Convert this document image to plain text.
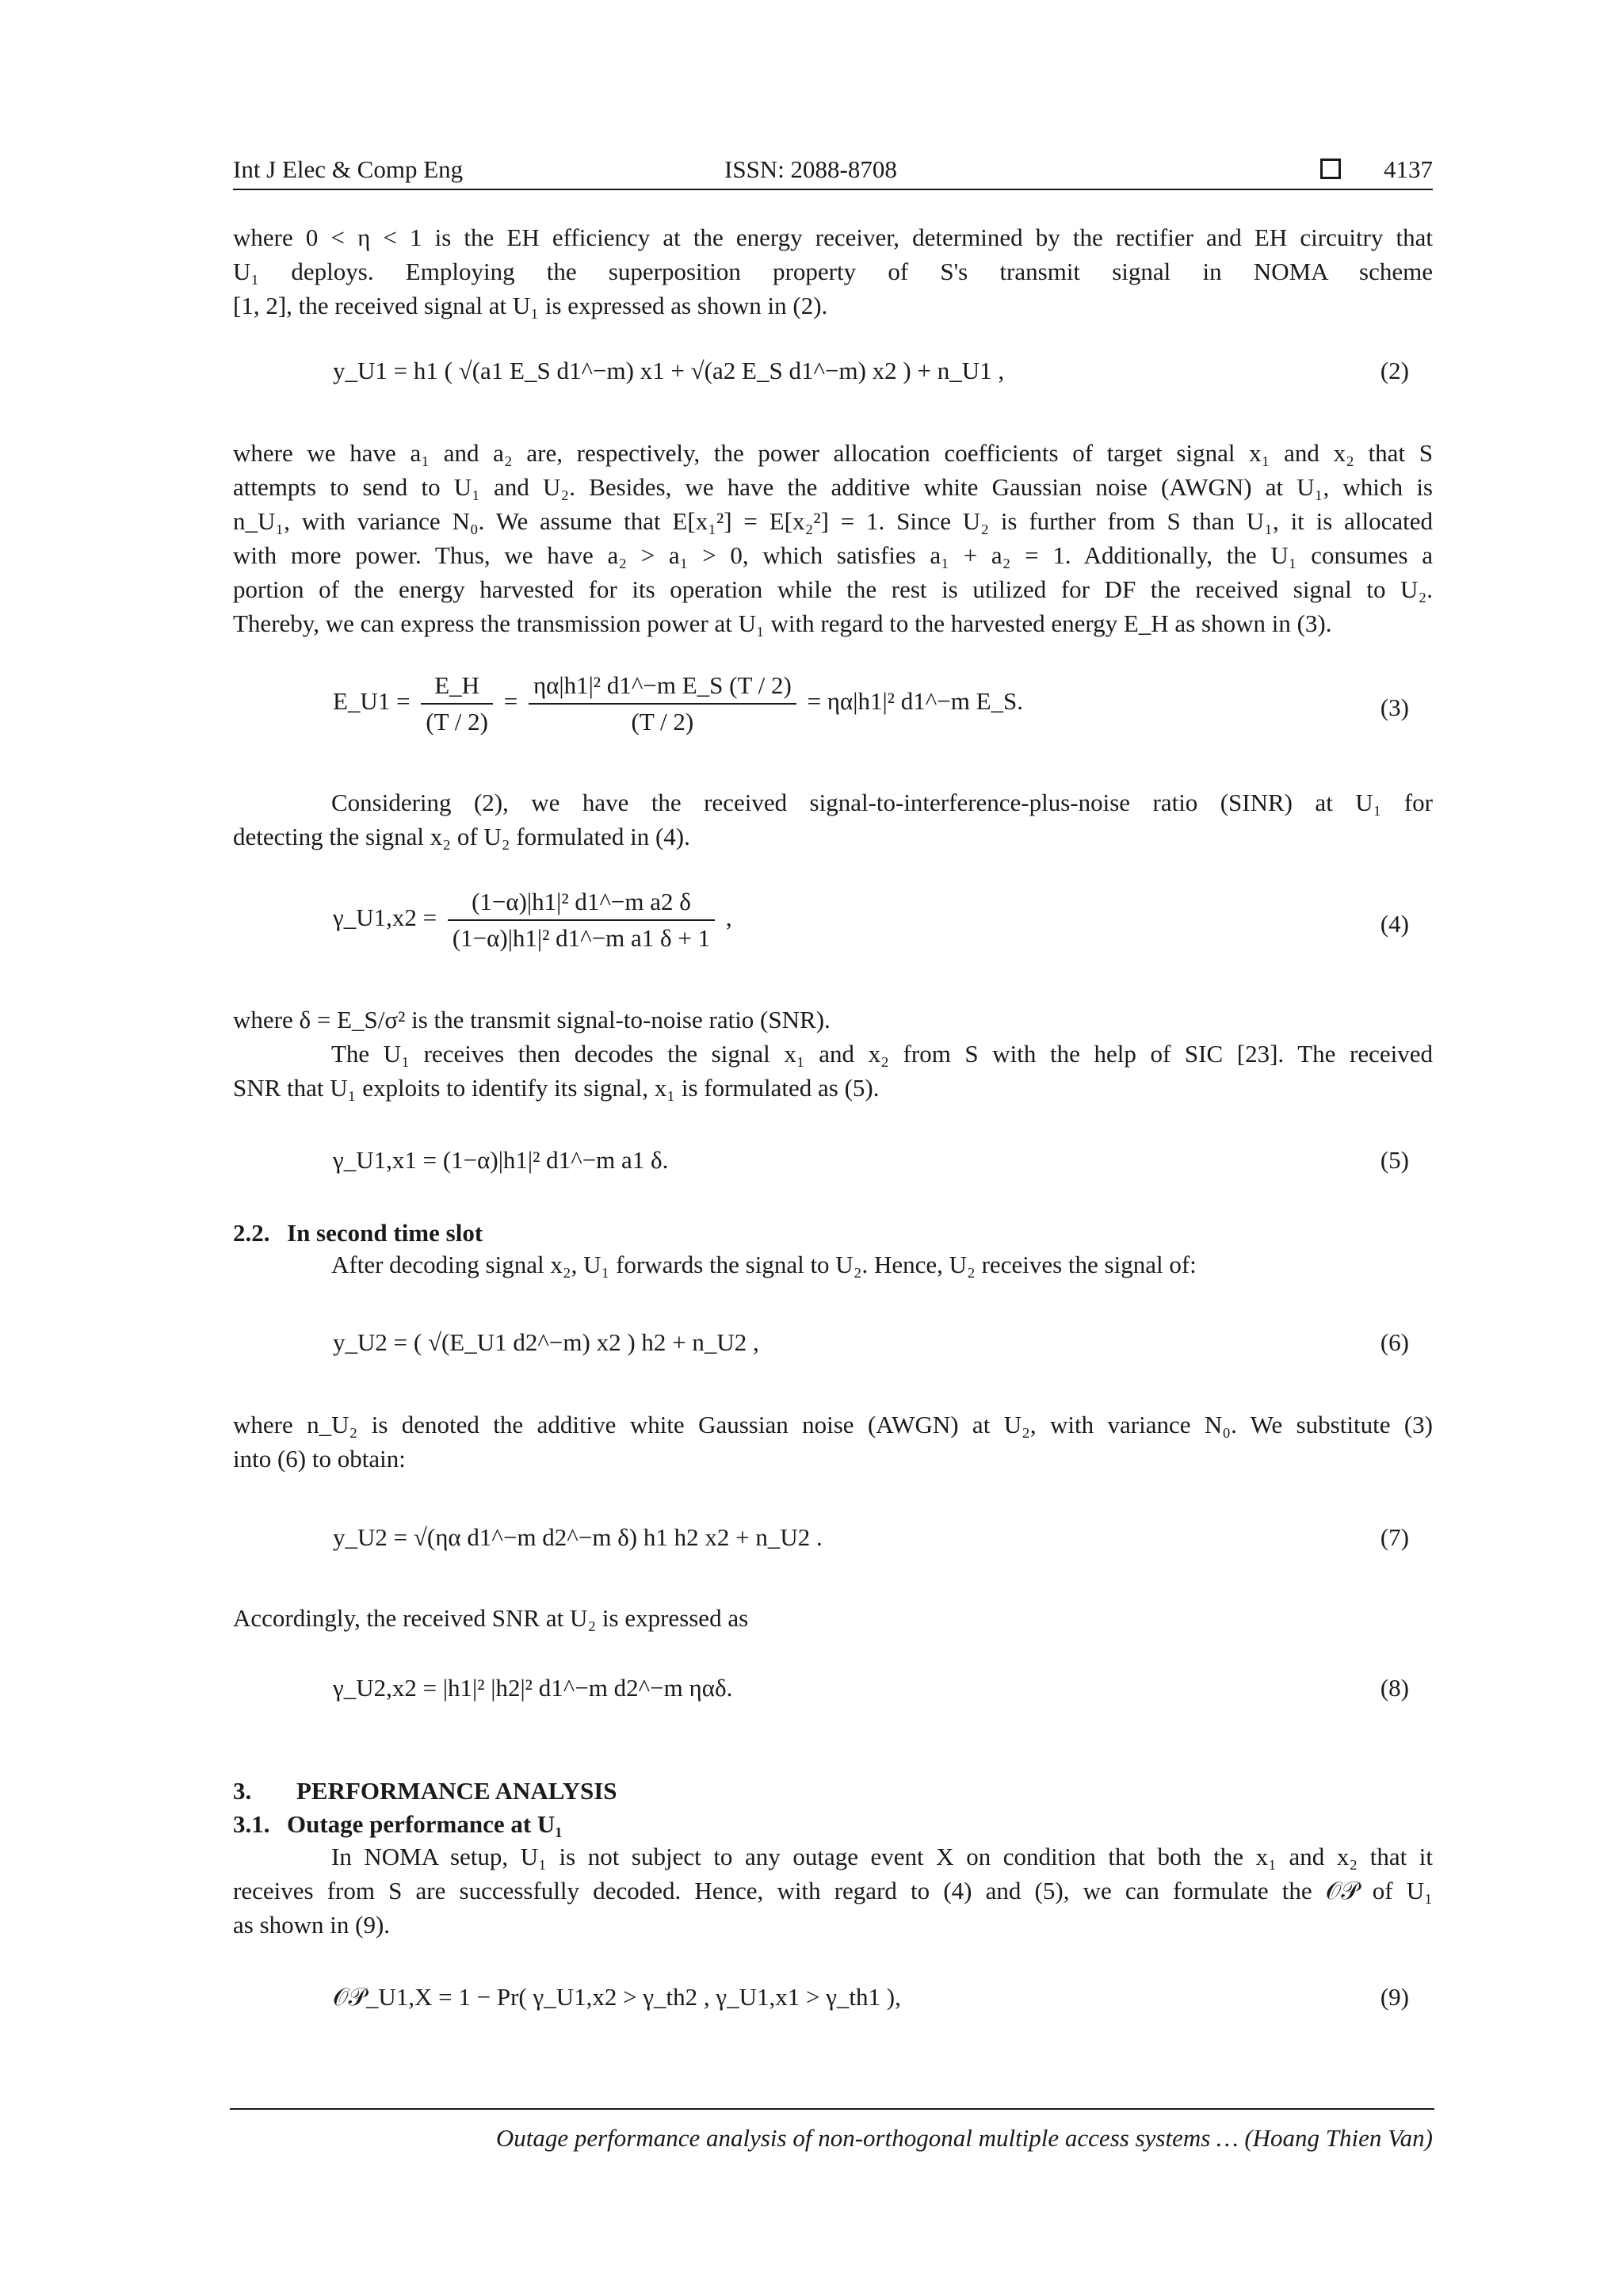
Int J Elec & Comp Eng	ISSN: 2088-8708	4137
where 0 < η < 1 is the EH efficiency at the energy receiver, determined by the rectifier and EH circuitry that
U₁ deploys. Employing the superposition property of S's transmit signal in NOMA scheme
[1, 2], the received signal at U₁ is expressed as shown in (2).
y_U1 = h1 ( √(a1 E_S d1^−m) x1 + √(a2 E_S d1^−m) x2 ) + n_U1 ,	(2)
where we have a₁ and a₂ are, respectively, the power allocation coefficients of target signal x₁ and x₂ that S
attempts to send to U₁ and U₂. Besides, we have the additive white Gaussian noise (AWGN) at U₁, which is
n_U₁, with variance N₀. We assume that E[x₁²] = E[x₂²] = 1. Since U₂ is further from S than U₁, it is allocated
with more power. Thus, we have a₂ > a₁ > 0, which satisfies a₁ + a₂ = 1. Additionally, the U₁ consumes a
portion of the energy harvested for its operation while the rest is utilized for DF the received signal to U₂.
Thereby, we can express the transmission power at U₁ with regard to the harvested energy E_H as shown in (3).
E_U1 = $\frac{E\_H}{(T / 2)} = \frac{\text{ηα|h1|² d1\textasciicircum{}−m E\_S (T / 2)}}{(T / 2)} = \eta\alpha|h1|^2$ d1^−m E_S.	(3)
Considering (2), we have the received signal-to-interference-plus-noise ratio (SINR) at U₁ for
detecting the signal x₂ of U₂ formulated in (4).
γ_U1,x2 = $\frac{\text{(1−α)|h1|² d1\textasciicircum{}−m a2 δ}}{\text{(1−α)|h1|² d1\textasciicircum{}−m a1 δ + 1}}$ ,	(4)
where δ = E_S/σ² is the transmit signal-to-noise ratio (SNR).
The U₁ receives then decodes the signal x₁ and x₂ from S with the help of SIC [23]. The received
SNR that U₁ exploits to identify its signal, x₁ is formulated as (5).
γ_U1,x1 = (1−α)|h1|² d1^−m a1 δ.	(5)
2.2. In second time slot
After decoding signal x₂, U₁ forwards the signal to U₂. Hence, U₂ receives the signal of:
y_U2 = ( √(E_U1 d2^−m) x2 ) h2 + n_U2 ,	(6)
where n_U₂ is denoted the additive white Gaussian noise (AWGN) at U₂, with variance N₀. We substitute (3)
into (6) to obtain:
y_U2 = √(ηα d1^−m d2^−m δ) h1 h2 x2 + n_U2 .	(7)
Accordingly, the received SNR at U₂ is expressed as
γ_U2,x2 = |h1|² |h2|² d1^−m d2^−m ηαδ.	(8)
3. PERFORMANCE ANALYSIS
3.1. Outage performance at U₁
In NOMA setup, U₁ is not subject to any outage event X on condition that both the x₁ and x₂ that it
receives from S are successfully decoded. Hence, with regard to (4) and (5), we can formulate the 𝒪𝒫 of U₁
as shown in (9).
𝒪𝒫_U1,X = 1 − Pr( γ_U1,x2 > γ_th2 , γ_U1,x1 > γ_th1 ),	(9)
Outage performance analysis of non-orthogonal multiple access systems … (Hoang Thien Van)
